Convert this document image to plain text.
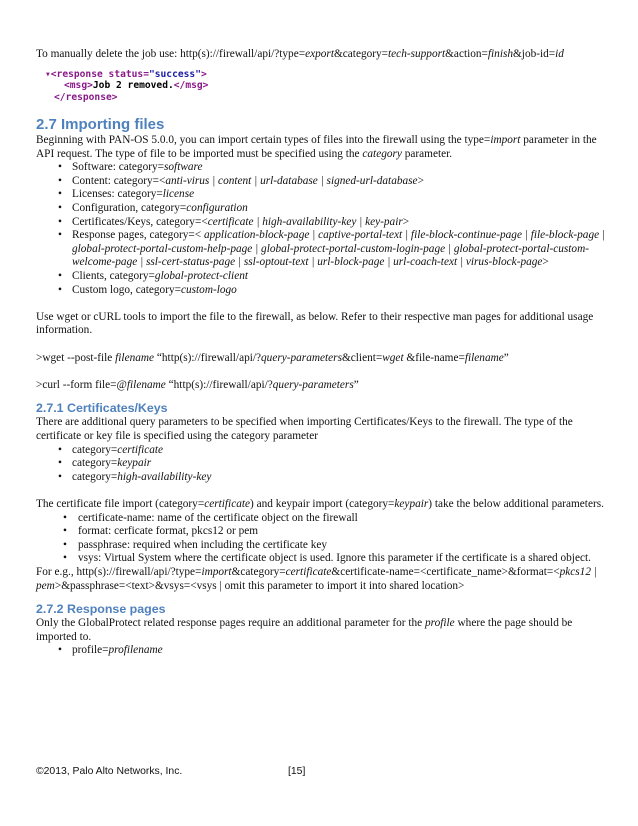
To manually delete the job use: http(s)://firewall/api/?type=export&category=tech-support&action=finish&job-id=id

▾<response status="success">
<msg>Job 2 removed.</msg>
</response>
2.7 Importing files

Beginning with PAN-OS 5.0.0, you can import certain types of files into the firewall using the type=import parameter in the API request. The type of file to be imported must be specified using the category parameter.

• Software: category=software
• Content: category=<anti-virus | content | url-database | signed-url-database>
• Licenses: category=license
• Configuration, category=configuration
• Certificates/Keys, category=<certificate | high-availability-key | key-pair>
• Response pages, category=< application-block-page | captive-portal-text | file-block-continue-page | file-block-page | global-protect-portal-custom-help-page | global-protect-portal-custom-login-page | global-protect-portal-custom-welcome-page | ssl-cert-status-page | ssl-optout-text | url-block-page | url-coach-text | virus-block-page>
• Clients, category=global-protect-client
• Custom logo, category=custom-logo

Use wget or cURL tools to import the file to the firewall, as below. Refer to their respective man pages for additional usage information.

>wget --post-file filename “http(s)://firewall/api/?query-parameters&client=wget &file-name=filename”

>curl --form file=@filename “http(s)://firewall/api/?query-parameters”

2.7.1 Certificates/Keys

There are additional query parameters to be specified when importing Certificates/Keys to the firewall. The type of the certificate or key file is specified using the category parameter

• category=certificate
• category=keypair
• category=high-availability-key

The certificate file import (category=certificate) and keypair import (category=keypair) take the below additional parameters.

• certificate-name: name of the certificate object on the firewall
• format: cerficate format, pkcs12 or pem
• passphrase: required when including the certificate key
• vsys: Virtual System where the certificate object is used. Ignore this parameter if the certificate is a shared object.

For e.g., http(s)://firewall/api/?type=import&category=certificate&certificate-name=<certificate_name>&format=<pkcs12 | pem>&passphrase=<text>&vsys=<vsys | omit this parameter to import it into shared location>

2.7.2 Response pages

Only the GlobalProtect related response pages require an additional parameter for the profile where the page should be imported to.

• profile=profilename
©2013, Palo Alto Networks, Inc.	[15]
